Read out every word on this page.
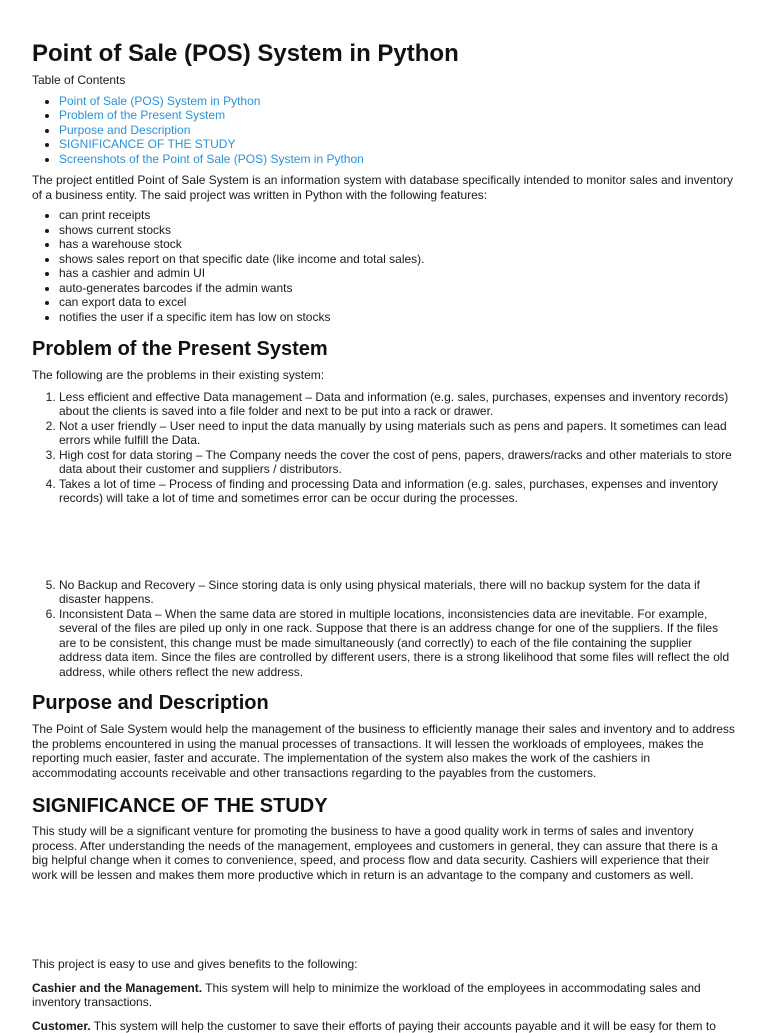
Point of Sale (POS) System in Python

Table of Contents

• Point of Sale (POS) System in Python
• Problem of the Present System
• Purpose and Description
• SIGNIFICANCE OF THE STUDY
• Screenshots of the Point of Sale (POS) System in Python

The project entitled Point of Sale System is an information system with database specifically intended to monitor sales and inventory of a business entity. The said project was written in Python with the following features:

• can print receipts
• shows current stocks
• has a warehouse stock
• shows sales report on that specific date (like income and total sales).
• has a cashier and admin UI
• auto-generates barcodes if the admin wants
• can export data to excel
• notifies the user if a specific item has low on stocks
Problem of the Present System

The following are the problems in their existing system:

1. Less efficient and effective Data management – Data and information (e.g. sales, purchases, expenses and inventory records) about the clients is saved into a file folder and next to be put into a rack or drawer.
2. Not a user friendly – User need to input the data manually by using materials such as pens and papers. It sometimes can lead errors while fulfill the Data.
3. High cost for data storing – The Company needs the cover the cost of pens, papers, drawers/racks and other materials to store data about their customer and suppliers / distributors.
4. Takes a lot of time – Process of finding and processing Data and information (e.g. sales, purchases, expenses and inventory records) will take a lot of time and sometimes error can be occur during the processes.
5. No Backup and Recovery – Since storing data is only using physical materials, there will no backup system for the data if disaster happens.
6. Inconsistent Data – When the same data are stored in multiple locations, inconsistencies data are inevitable. For example, several of the files are piled up only in one rack. Suppose that there is an address change for one of the suppliers. If the files are to be consistent, this change must be made simultaneously (and correctly) to each of the file containing the supplier address data item. Since the files are controlled by different users, there is a strong likelihood that some files will reflect the old address, while others reflect the new address.
Purpose and Description

The Point of Sale System would help the management of the business to efficiently manage their sales and inventory and to address the problems encountered in using the manual processes of transactions. It will lessen the workloads of employees, makes the reporting much easier, faster and accurate. The implementation of the system also makes the work of the cashiers in accommodating accounts receivable and other transactions regarding to the payables from the customers.

SIGNIFICANCE OF THE STUDY

This study will be a significant venture for promoting the business to have a good quality work in terms of sales and inventory process. After understanding the needs of the management, employees and customers in general, they can assure that there is a big helpful change when it comes to convenience, speed, and process flow and data security. Cashiers will experience that their work will be lessen and makes them more productive which in return is an advantage to the company and customers as well.

This project is easy to use and gives benefits to the following:

Cashier and the Management. This system will help to minimize the workload of the employees in accommodating sales and inventory transactions.

Customer. This system will help the customer to save their efforts of paying their accounts payable and it will be easy for them to
